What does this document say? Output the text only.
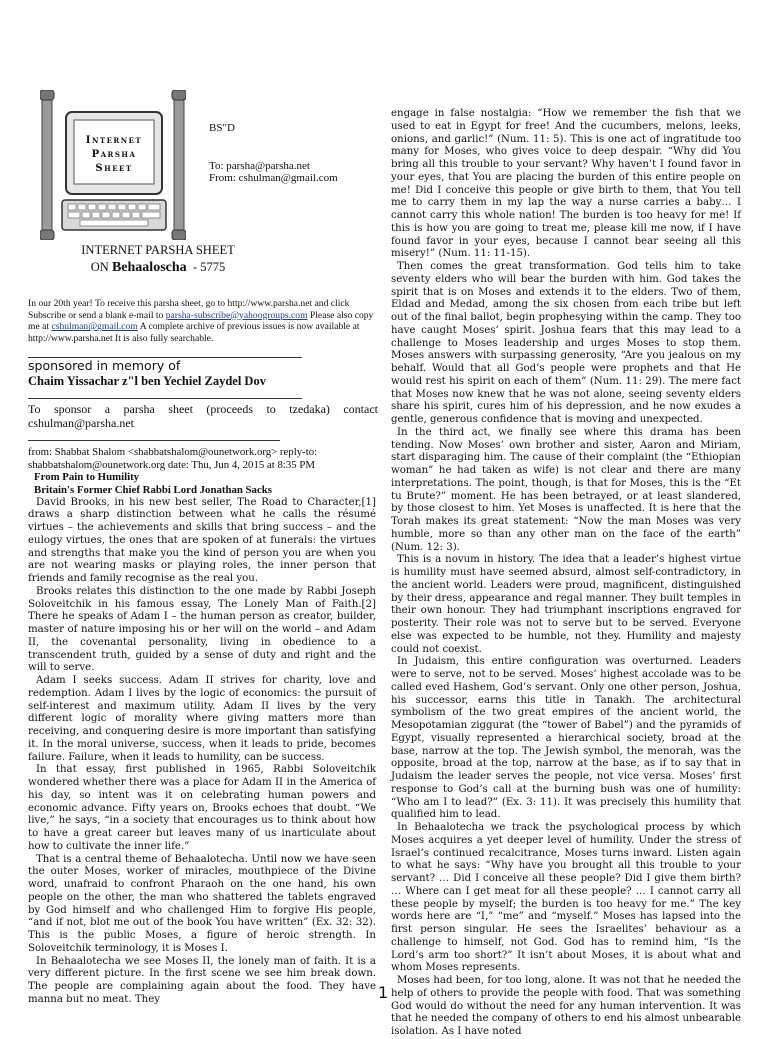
Internet
Parsha
Sheet
BS"D
To: parsha@parsha.net
From: cshulman@gmail.com
INTERNET PARSHA SHEET
ON Behaaloscha - 5775
In our 20th year! To receive this parsha sheet, go to http://www.parsha.net and click Subscribe or send a blank e-mail to parsha-subscribe@yahoogroups.com Please also copy me at cshulman@gmail.com A complete archive of previous issues is now available at http://www.parsha.net It is also fully searchable.
sponsored in memory of
Chaim Yissachar z"l ben Yechiel Zaydel Dov
To sponsor a parsha sheet (proceeds to tzedaka) contact
cshulman@parsha.net
from: Shabbat Shalom <shabbatshalom@ounetwork.org> reply-to: shabbatshalom@ounetwork.org date: Thu, Jun 4, 2015 at 8:35 PM

From Pain to Humility

Britain's Former Chief Rabbi Lord Jonathan Sacks

David Brooks, in his new best seller, The Road to Character,[1] draws a sharp distinction between what he calls the résumé virtues – the achievements and skills that bring success – and the eulogy virtues, the ones that are spoken of at funerals: the virtues and strengths that make you the kind of person you are when you are not wearing masks or playing roles, the inner person that friends and family recognise as the real you.

Brooks relates this distinction to the one made by Rabbi Joseph Soloveitchik in his famous essay, The Lonely Man of Faith.[2] There he speaks of Adam I – the human person as creator, builder, master of nature imposing his or her will on the world – and Adam II, the covenantal personality, living in obedience to a transcendent truth, guided by a sense of duty and right and the will to serve.

Adam I seeks success. Adam II strives for charity, love and redemption. Adam I lives by the logic of economics: the pursuit of self-interest and maximum utility. Adam II lives by the very different logic of morality where giving matters more than receiving, and conquering desire is more important than satisfying it. In the moral universe, success, when it leads to pride, becomes failure. Failure, when it leads to humility, can be success.

In that essay, first published in 1965, Rabbi Soloveitchik wondered whether there was a place for Adam II in the America of his day, so intent was it on celebrating human powers and economic advance. Fifty years on, Brooks echoes that doubt. “We live,” he says, “in a society that encourages us to think about how to have a great career but leaves many of us inarticulate about how to cultivate the inner life.”

That is a central theme of Behaalotecha. Until now we have seen the outer Moses, worker of miracles, mouthpiece of the Divine word, unafraid to confront Pharaoh on the one hand, his own people on the other, the man who shattered the tablets engraved by God himself and who challenged Him to forgive His people, “and if not, blot me out of the book You have written” (Ex. 32: 32). This is the public Moses, a figure of heroic strength. In Soloveitchik terminology, it is Moses I.

In Behaalotecha we see Moses II, the lonely man of faith. It is a very different picture. In the first scene we see him break down. The people are complaining again about the food. They have manna but no meat. They

engage in false nostalgia: “How we remember the fish that we used to eat in Egypt for free! And the cucumbers, melons, leeks, onions, and garlic!” (Num. 11: 5). This is one act of ingratitude too many for Moses, who gives voice to deep despair. “Why did You bring all this trouble to your servant? Why haven’t I found favor in your eyes, that You are placing the burden of this entire people on me! Did I conceive this people or give birth to them, that You tell me to carry them in my lap the way a nurse carries a baby… I cannot carry this whole nation! The burden is too heavy for me! If this is how you are going to treat me, please kill me now, if I have found favor in your eyes, because I cannot bear seeing all this misery!” (Num. 11: 11-15).

Then comes the great transformation. God tells him to take seventy elders who will bear the burden with him. God takes the spirit that is on Moses and extends it to the elders. Two of them, Eldad and Medad, among the six chosen from each tribe but left out of the final ballot, begin prophesying within the camp. They too have caught Moses’ spirit. Joshua fears that this may lead to a challenge to Moses leadership and urges Moses to stop them. Moses answers with surpassing generosity, “Are you jealous on my behalf. Would that all God’s people were prophets and that He would rest his spirit on each of them” (Num. 11: 29). The mere fact that Moses now knew that he was not alone, seeing seventy elders share his spirit, cures him of his depression, and he now exudes a gentle, generous confidence that is moving and unexpected.

In the third act, we finally see where this drama has been tending. Now Moses’ own brother and sister, Aaron and Miriam, start disparaging him. The cause of their complaint (the “Ethiopian woman” he had taken as wife) is not clear and there are many interpretations. The point, though, is that for Moses, this is the “Et tu Brute?” moment. He has been betrayed, or at least slandered, by those closest to him. Yet Moses is unaffected. It is here that the Torah makes its great statement: “Now the man Moses was very humble, more so than any other man on the face of the earth” (Num. 12: 3).

This is a novum in history. The idea that a leader’s highest virtue is humility must have seemed absurd, almost self-contradictory, in the ancient world. Leaders were proud, magnificent, distinguished by their dress, appearance and regal manner. They built temples in their own honour. They had triumphant inscriptions engraved for posterity. Their role was not to serve but to be served. Everyone else was expected to be humble, not they. Humility and majesty could not coexist.

In Judaism, this entire configuration was overturned. Leaders were to serve, not to be served. Moses’ highest accolade was to be called eved Hashem, God’s servant. Only one other person, Joshua, his successor, earns this title in Tanakh. The architectural symbolism of the two great empires of the ancient world, the Mesopotamian ziggurat (the “tower of Babel”) and the pyramids of Egypt, visually represented a hierarchical society, broad at the base, narrow at the top. The Jewish symbol, the menorah, was the opposite, broad at the top, narrow at the base, as if to say that in Judaism the leader serves the people, not vice versa. Moses’ first response to God’s call at the burning bush was one of humility: “Who am I to lead?” (Ex. 3: 11). It was precisely this humility that qualified him to lead.

In Behaalotecha we track the psychological process by which Moses acquires a yet deeper level of humility. Under the stress of Israel’s continued recalcitrance, Moses turns inward. Listen again to what he says: “Why have you brought all this trouble to your servant? … Did I conceive all these people? Did I give them birth? … Where can I get meat for all these people? … I cannot carry all these people by myself; the burden is too heavy for me.” The key words here are “I,” “me” and “myself.” Moses has lapsed into the first person singular. He sees the Israelites’ behaviour as a challenge to himself, not God. God has to remind him, “Is the Lord’s arm too short?” It isn’t about Moses, it is about what and whom Moses represents.

Moses had been, for too long, alone. It was not that he needed the help of others to provide the people with food. That was something God would do without the need for any human intervention. It was that he needed the company of others to end his almost unbearable isolation. As I have noted

1
